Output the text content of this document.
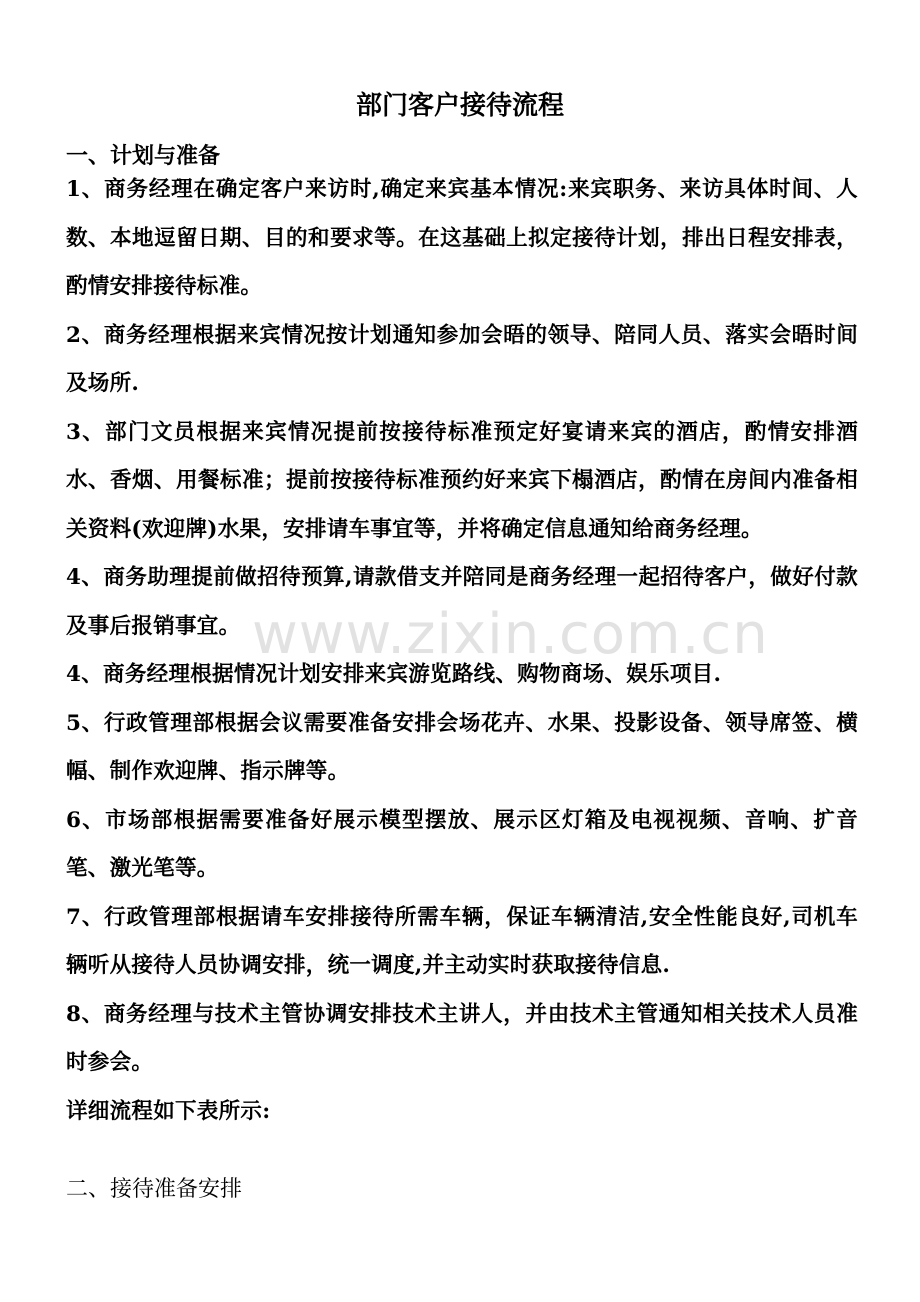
部门客户接待流程
一、计划与准备

1、商务经理在确定客户来访时,确定来宾基本情况:来宾职务、来访具体时间、人数、本地逗留日期、目的和要求等。在这基础上拟定接待计划，排出日程安排表，酌情安排接待标准。

2、商务经理根据来宾情况按计划通知参加会晤的领导、陪同人员、落实会晤时间及场所.

3、部门文员根据来宾情况提前按接待标准预定好宴请来宾的酒店，酌情安排酒水、香烟、用餐标准；提前按接待标准预约好来宾下榻酒店，酌情在房间内准备相关资料(欢迎牌)水果，安排请车事宜等，并将确定信息通知给商务经理。

4、商务助理提前做招待预算,请款借支并陪同是商务经理一起招待客户，做好付款及事后报销事宜。

4、商务经理根据情况计划安排来宾游览路线、购物商场、娱乐项目.

5、行政管理部根据会议需要准备安排会场花卉、水果、投影设备、领导席签、横幅、制作欢迎牌、指示牌等。

6、市场部根据需要准备好展示模型摆放、展示区灯箱及电视视频、音响、扩音笔、激光笔等。

7、行政管理部根据请车安排接待所需车辆，保证车辆清洁,安全性能良好,司机车辆听从接待人员协调安排，统一调度,并主动实时获取接待信息.

8、商务经理与技术主管协调安排技术主讲人，并由技术主管通知相关技术人员准时参会。

详细流程如下表所示:

二、接待准备安排
www.zixin.com.cn
